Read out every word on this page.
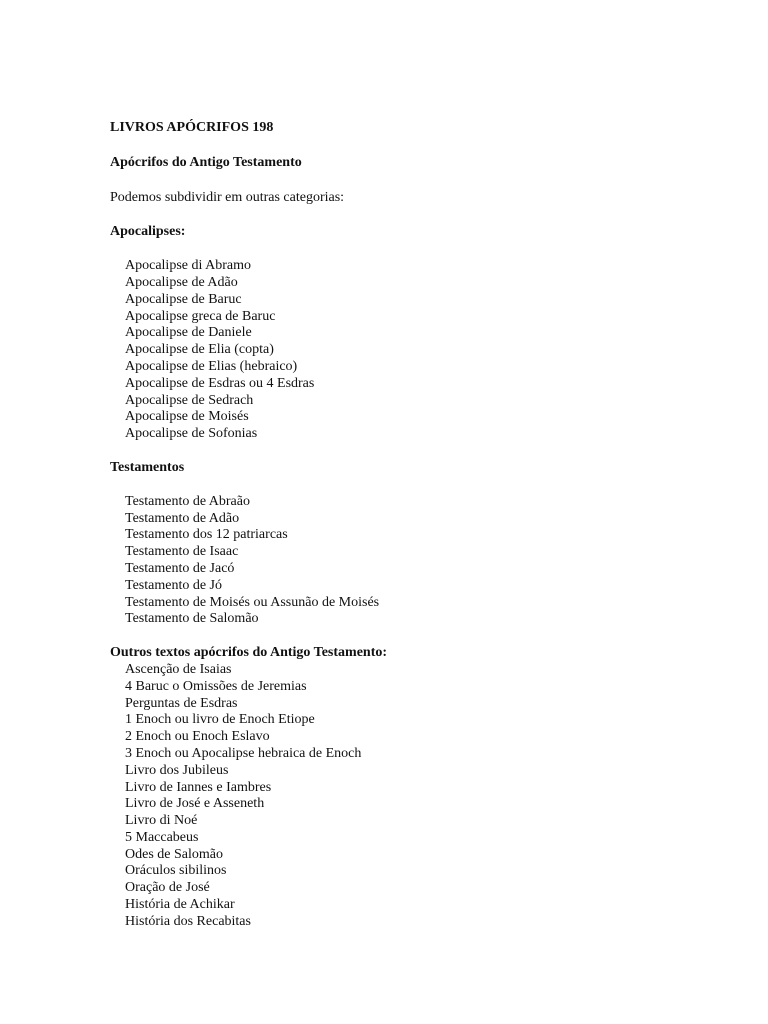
LIVROS APÓCRIFOS 198
Apócrifos do Antigo Testamento
Podemos subdividir em outras categorias:
Apocalipses:
Apocalipse di Abramo
Apocalipse de Adão
Apocalipse de Baruc
Apocalipse greca de Baruc
Apocalipse de Daniele
Apocalipse de Elia (copta)
Apocalipse de Elias (hebraico)
Apocalipse de Esdras ou 4 Esdras
Apocalipse de Sedrach
Apocalipse de Moisés
Apocalipse de Sofonias
Testamentos
Testamento de Abraão
Testamento de Adão
Testamento dos 12 patriarcas
Testamento de Isaac
Testamento de Jacó
Testamento de Jó
Testamento de Moisés ou Assunão de Moisés
Testamento de Salomão
Outros textos apócrifos do Antigo Testamento:
Ascenção de Isaias
4 Baruc o Omissões de Jeremias
Perguntas de Esdras
1 Enoch ou livro de Enoch Etiope
2 Enoch ou Enoch Eslavo
3 Enoch ou Apocalipse hebraica de Enoch
Livro dos Jubileus
Livro de Iannes e Iambres
Livro de José e Asseneth
Livro di Noé
5 Maccabeus
Odes de Salomão
Oráculos sibilinos
Oração de José
História de Achikar
História dos Recabitas
